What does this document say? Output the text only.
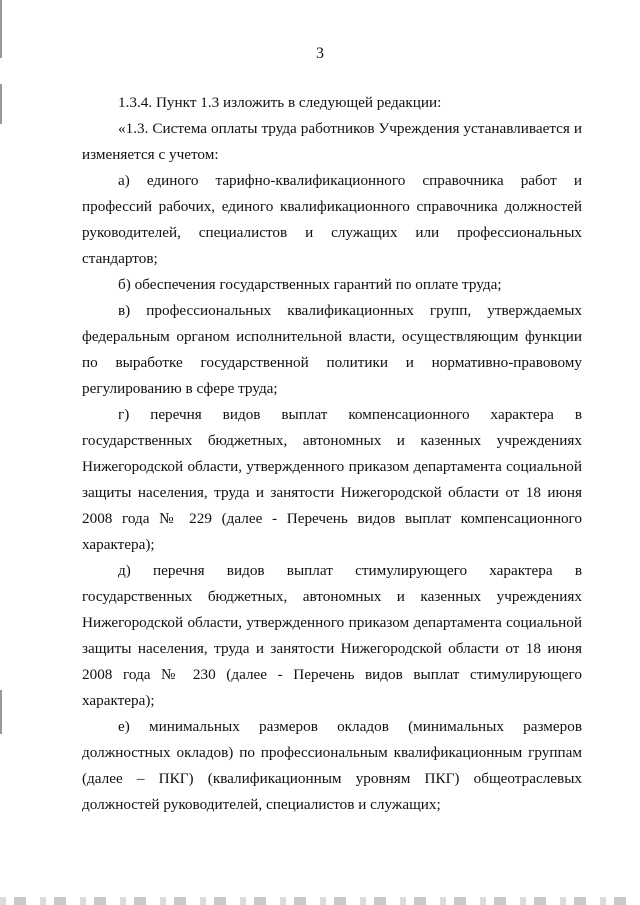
3

1.3.4. Пункт 1.3 изложить в следующей редакции:

«1.3. Система оплаты труда работников Учреждения устанавливается и изменяется с учетом:

а) единого тарифно-квалификационного справочника работ и профессий рабочих, единого квалификационного справочника должностей руководителей, специалистов и служащих или профессиональных стандартов;

б) обеспечения государственных гарантий по оплате труда;

в) профессиональных квалификационных групп, утверждаемых федеральным органом исполнительной власти, осуществляющим функции по выработке государственной политики и нормативно-правовому регулированию в сфере труда;

г) перечня видов выплат компенсационного характера в государственных бюджетных, автономных и казенных учреждениях Нижегородской области, утвержденного приказом департамента социальной защиты населения, труда и занятости Нижегородской области от 18 июня 2008 года № 229 (далее - Перечень видов выплат компенсационного характера);

д) перечня видов выплат стимулирующего характера в государственных бюджетных, автономных и казенных учреждениях Нижегородской области, утвержденного приказом департамента социальной защиты населения, труда и занятости Нижегородской области от 18 июня 2008 года № 230 (далее - Перечень видов выплат стимулирующего характера);

е) минимальных размеров окладов (минимальных размеров должностных окладов) по профессиональным квалификационным группам (далее – ПКГ) (квалификационным уровням ПКГ) общеотраслевых должностей руководителей, специалистов и служащих;
